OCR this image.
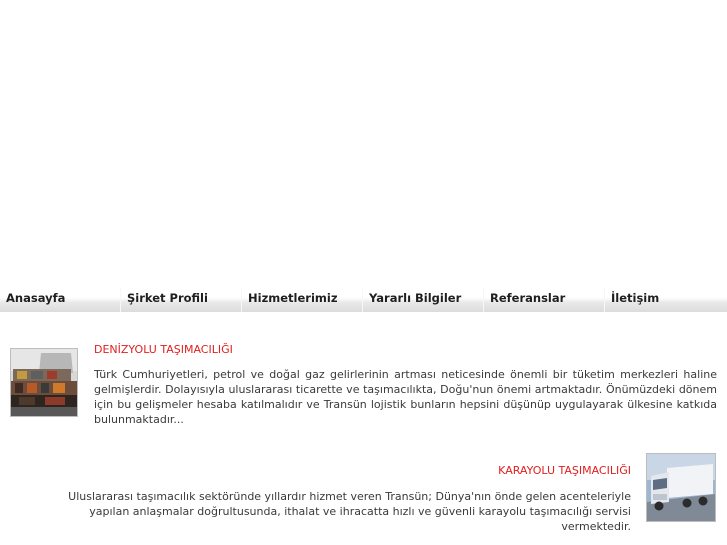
Anasayfa	Şirket Profili	Hizmetlerimiz	Yararlı Bilgiler	Referanslar	İletişim
DENİZYOLU TAŞIMACILIĞI
Türk Cumhuriyetleri, petrol ve doğal gaz gelirlerinin artması neticesinde önemli bir tüketim merkezleri haline gelmişlerdir. Dolayısıyla uluslararası ticarette ve taşımacılıkta, Doğu'nun önemi artmaktadır. Önümüzdeki dönem için bu gelişmeler hesaba katılmalıdır ve Transün lojistik bunların hepsini düşünüp uygulayarak ülkesine katkıda bulunmaktadır...
KARAYOLU TAŞIMACILIĞI
Uluslararası taşımacılık sektöründe yıllardır hizmet veren Transün; Dünya'nın önde gelen acenteleriyle yapılan anlaşmalar doğrultusunda, ithalat ve ihracatta hızlı ve güvenli karayolu taşımacılığı servisi vermektedir.
